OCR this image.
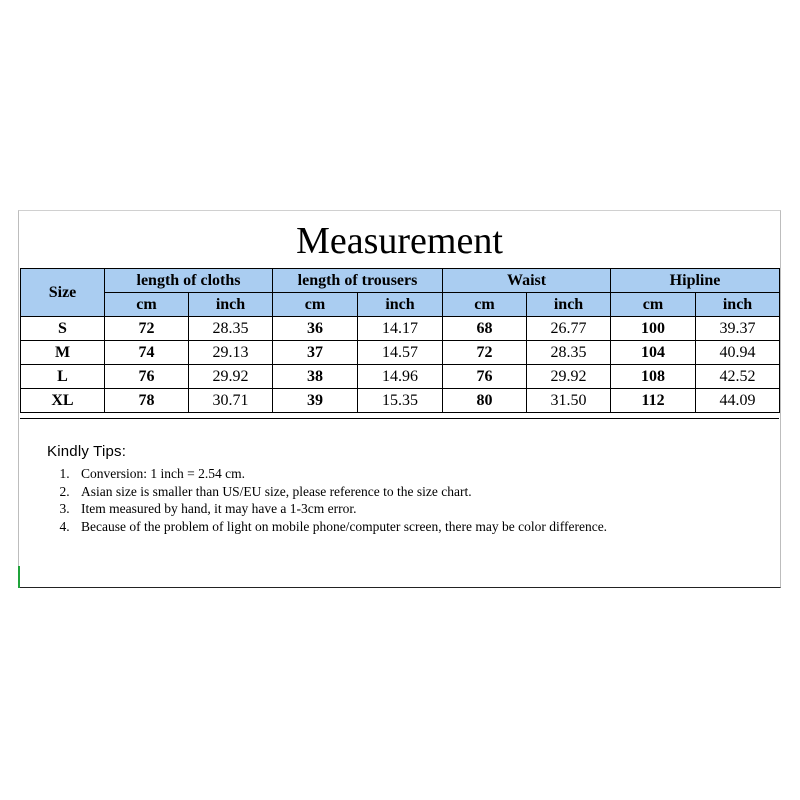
Measurement
Size	length of cloths		length of trousers		Waist		Hipline	
	cm	inch	cm	inch	cm	inch	cm	inch
S	72	28.35	36	14.17	68	26.77	100	39.37
M	74	29.13	37	14.57	72	28.35	104	40.94
L	76	29.92	38	14.96	76	29.92	108	42.52
XL	78	30.71	39	15.35	80	31.50	112	44.09
Kindly Tips:
1. Conversion: 1 inch = 2.54 cm.
2. Asian size is smaller than US/EU size, please reference to the size chart.
3. Item measured by hand, it may have a 1-3cm error.
4. Because of the problem of light on mobile phone/computer screen, there may be color difference.
